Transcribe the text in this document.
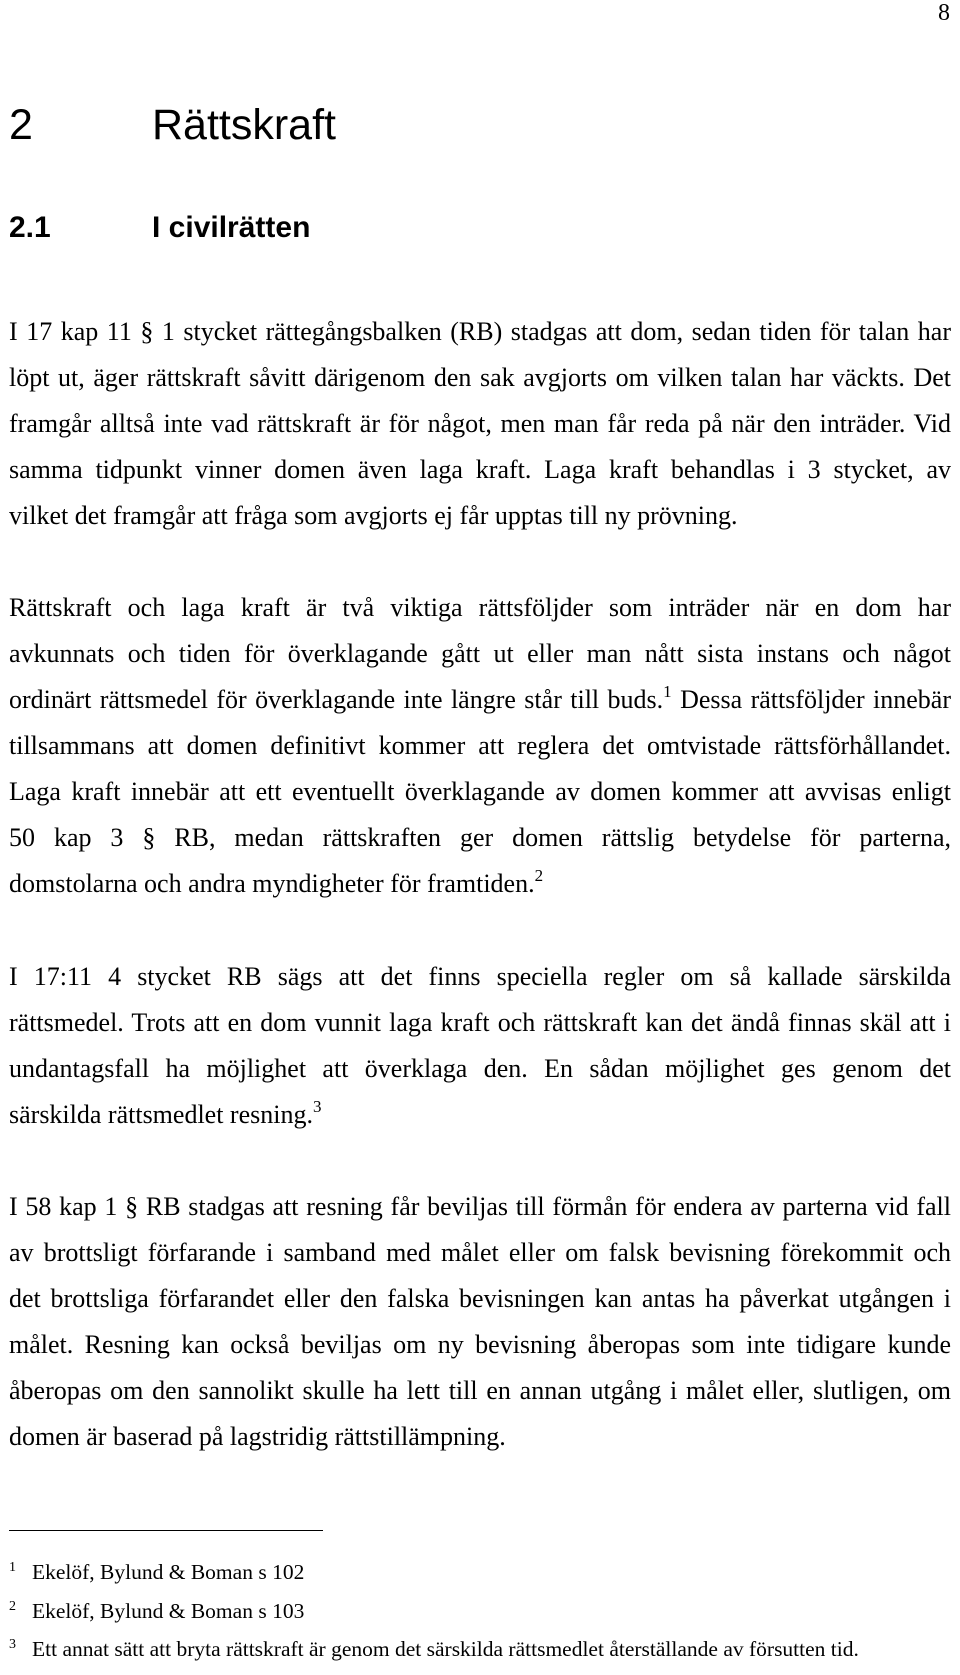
8
2	Rättskraft
2.1	I civilrätten
I 17 kap 11 § 1 stycket rättegångsbalken (RB) stadgas att dom, sedan tiden för talan har
löpt ut, äger rättskraft såvitt därigenom den sak avgjorts om vilken talan har väckts. Det
framgår alltså inte vad rättskraft är för något, men man får reda på när den inträder. Vid
samma tidpunkt vinner domen även laga kraft. Laga kraft behandlas i 3 stycket, av
vilket det framgår att fråga som avgjorts ej får upptas till ny prövning.
Rättskraft och laga kraft är två viktiga rättsföljder som inträder när en dom har
avkunnats och tiden för överklagande gått ut eller man nått sista instans och något
ordinärt rättsmedel för överklagande inte längre står till buds.$^1$ Dessa rättsföljder innebär
tillsammans att domen definitivt kommer att reglera det omtvistade rättsförhållandet.
Laga kraft innebär att ett eventuellt överklagande av domen kommer att avvisas enligt
50 kap 3 § RB, medan rättskraften ger domen rättslig betydelse för parterna,
domstolarna och andra myndigheter för framtiden.$^2$
I 17:11 4 stycket RB sägs att det finns speciella regler om så kallade särskilda
rättsmedel. Trots att en dom vunnit laga kraft och rättskraft kan det ändå finnas skäl att i
undantagsfall ha möjlighet att överklaga den. En sådan möjlighet ges genom det
särskilda rättsmedlet resning.$^3$
I 58 kap 1 § RB stadgas att resning får beviljas till förmån för endera av parterna vid fall
av brottsligt förfarande i samband med målet eller om falsk bevisning förekommit och
det brottsliga förfarandet eller den falska bevisningen kan antas ha påverkat utgången i
målet. Resning kan också beviljas om ny bevisning åberopas som inte tidigare kunde
åberopas om den sannolikt skulle ha lett till en annan utgång i målet eller, slutligen, om
domen är baserad på lagstridig rättstillämpning.
1 Ekelöf, Bylund & Boman s 102
2 Ekelöf, Bylund & Boman s 103
3 Ett annat sätt att bryta rättskraft är genom det särskilda rättsmedlet återställande av försutten tid.
